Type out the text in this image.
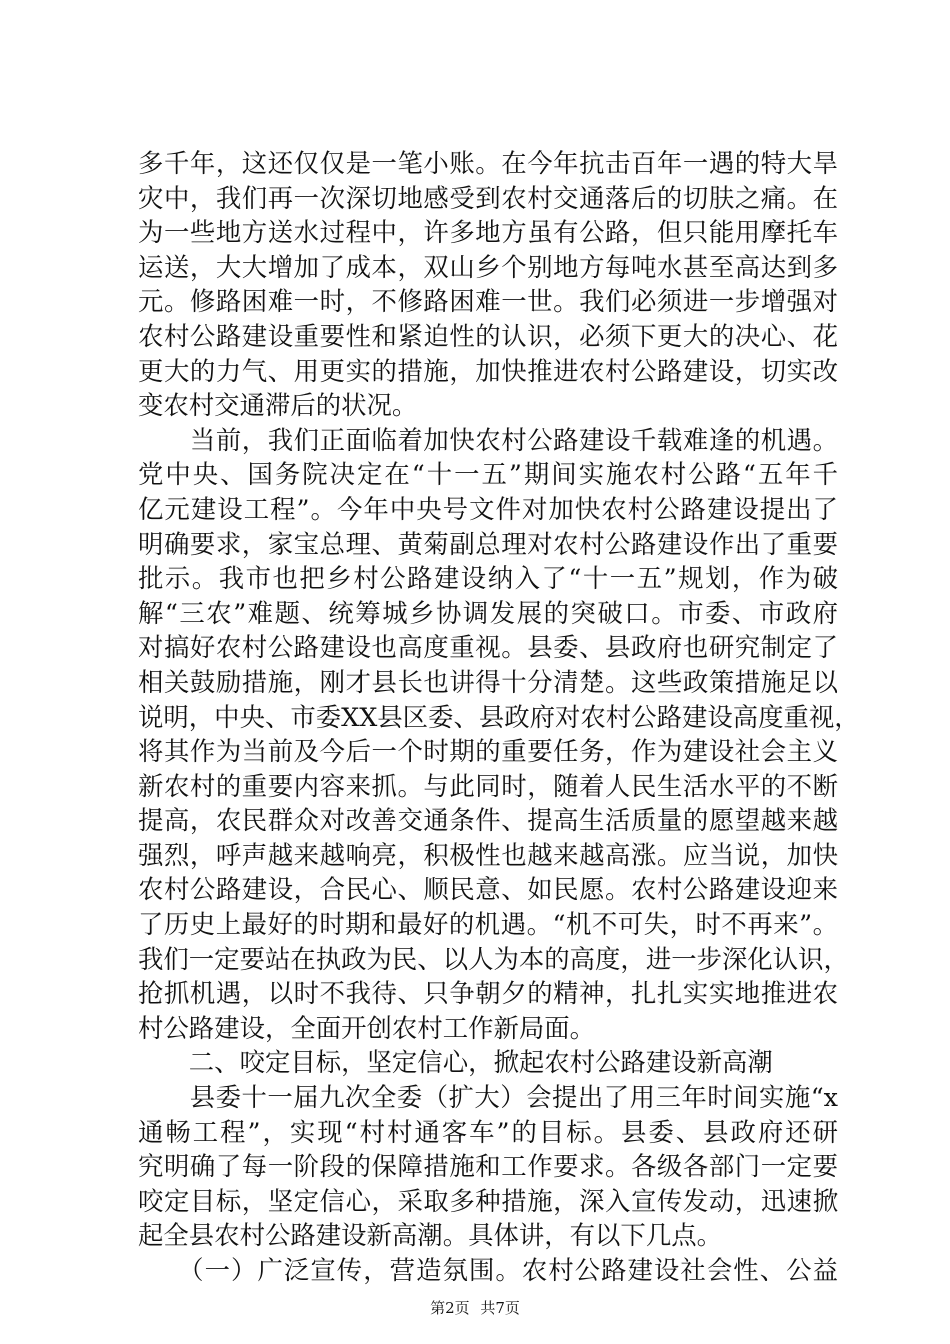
多千年，这还仅仅是一笔小账。在今年抗击百年一遇的特大旱
灾中，我们再一次深切地感受到农村交通落后的切肤之痛。在
为一些地方送水过程中，许多地方虽有公路，但只能用摩托车
运送，大大增加了成本，双山乡个别地方每吨水甚至高达到多
元。修路困难一时，不修路困难一世。我们必须进一步增强对
农村公路建设重要性和紧迫性的认识，必须下更大的决心、花
更大的力气、用更实的措施，加快推进农村公路建设，切实改
变农村交通滞后的状况。
　　当前，我们正面临着加快农村公路建设千载难逢的机遇。
党中央、国务院决定在“十一五”期间实施农村公路“五年千
亿元建设工程”。今年中央号文件对加快农村公路建设提出了
明确要求，家宝总理、黄菊副总理对农村公路建设作出了重要
批示。我市也把乡村公路建设纳入了“十一五”规划，作为破
解“三农”难题、统筹城乡协调发展的突破口。市委、市政府
对搞好农村公路建设也高度重视。县委、县政府也研究制定了
相关鼓励措施，刚才县长也讲得十分清楚。这些政策措施足以
说明，中央、市委XX县区委、县政府对农村公路建设高度重视，
将其作为当前及今后一个时期的重要任务，作为建设社会主义
新农村的重要内容来抓。与此同时，随着人民生活水平的不断
提高，农民群众对改善交通条件、提高生活质量的愿望越来越
强烈，呼声越来越响亮，积极性也越来越高涨。应当说，加快
农村公路建设，合民心、顺民意、如民愿。农村公路建设迎来
了历史上最好的时期和最好的机遇。“机不可失，时不再来”。
我们一定要站在执政为民、以人为本的高度，进一步深化认识，
抢抓机遇，以时不我待、只争朝夕的精神，扎扎实实地推进农
村公路建设，全面开创农村工作新局面。
　　二、咬定目标，坚定信心，掀起农村公路建设新高潮
　　县委十一届九次全委（扩大）会提出了用三年时间实施“x
通畅工程”，实现“村村通客车”的目标。县委、县政府还研
究明确了每一阶段的保障措施和工作要求。各级各部门一定要
咬定目标，坚定信心，采取多种措施，深入宣传发动，迅速掀
起全县农村公路建设新高潮。具体讲，有以下几点。
　　（一）广泛宣传，营造氛围。农村公路建设社会性、公益
第2页 共7页
